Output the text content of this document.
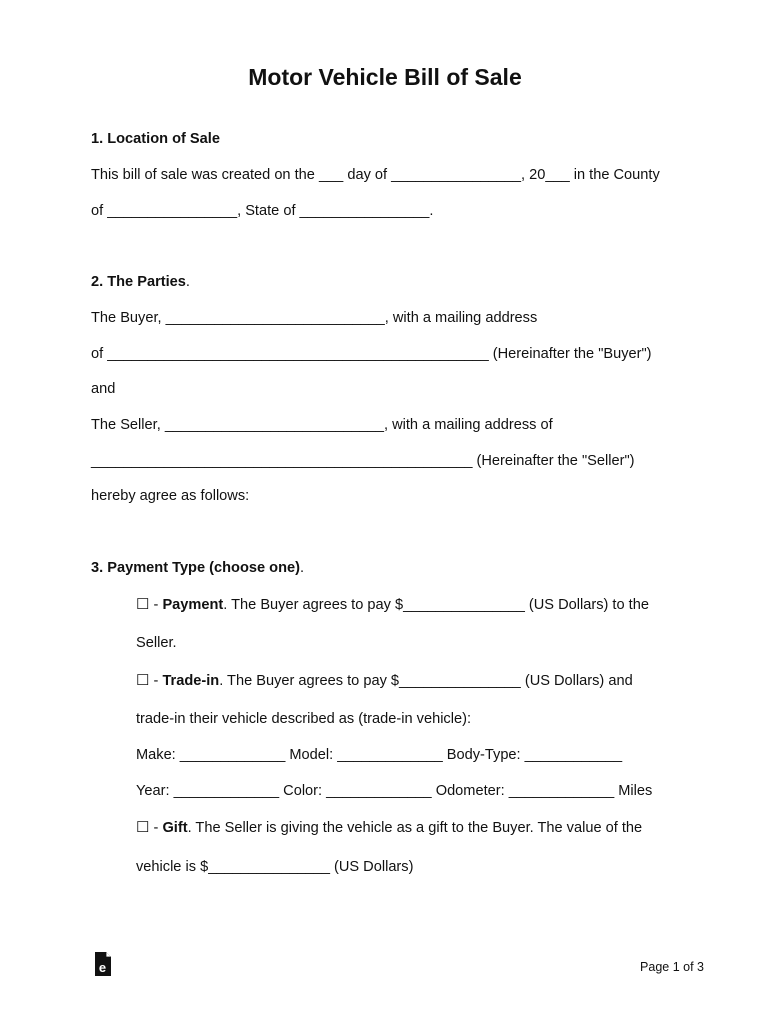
Motor Vehicle Bill of Sale
1. Location of Sale
This bill of sale was created on the ___ day of ________________, 20___ in the County
of ________________, State of ________________.
2. The Parties.
The Buyer, ___________________________, with a mailing address
of _______________________________________________ (Hereinafter the "Buyer")
and
The Seller, ___________________________, with a mailing address of
_______________________________________________ (Hereinafter the "Seller")
hereby agree as follows:
3. Payment Type (choose one).
☐ - Payment. The Buyer agrees to pay $_______________ (US Dollars) to the
Seller.
☐ - Trade-in. The Buyer agrees to pay $_______________ (US Dollars) and
trade-in their vehicle described as (trade-in vehicle):
Make: _____________ Model: _____________ Body-Type: ____________
Year: _____________ Color: _____________ Odometer: _____________ Miles
☐ - Gift. The Seller is giving the vehicle as a gift to the Buyer. The value of the
vehicle is $_______________ (US Dollars)
e	Page 1 of 3
